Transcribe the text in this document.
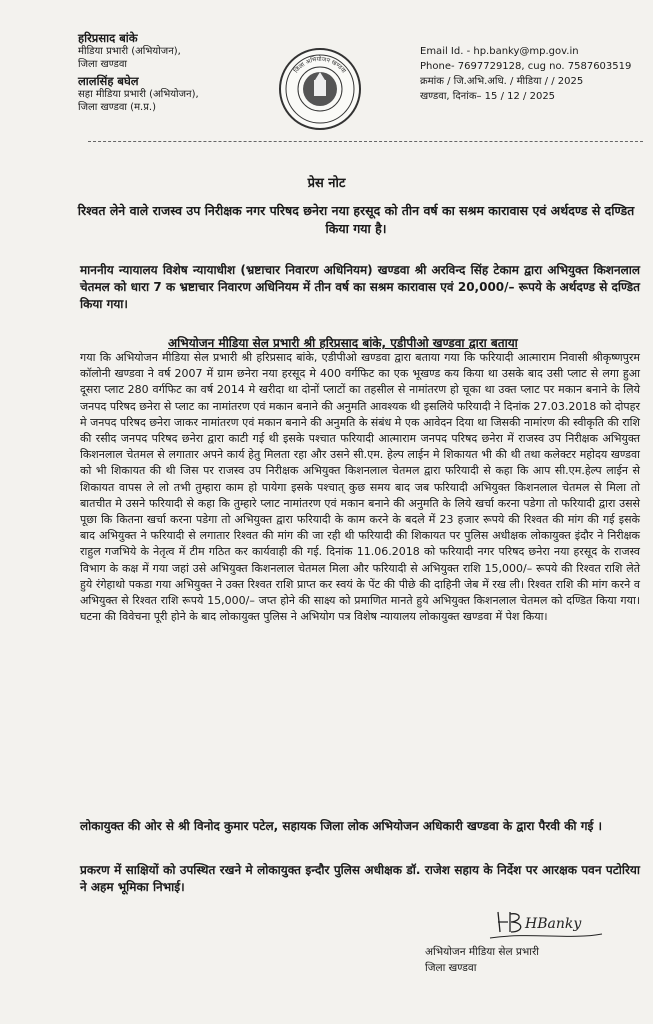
हरिप्रसाद बांके
मीडिया प्रभारी (अभियोजन),
जिला खण्डवा
लालसिंह बघेल
सहा मीडिया प्रभारी (अभियोजन),
जिला खण्डवा (म.प्र.)
जिला अभियोजन खण्डवा
Email Id. - hp.banky@mp.gov.in
Phone- 7697729128, cug no. 7587603519
क्रमांक / जि.अभि.अधि. / मीडिया / / 2025
खण्डवा, दिनांक– 15 / 12 / 2025
प्रेस नोट
रिश्वत लेने वाले राजस्व उप निरीक्षक नगर परिषद छनेरा नया हरसूद को तीन वर्ष का सश्रम कारावास एवं अर्थदण्ड से दण्डित किया गया है।
माननीय न्यायालय विशेष न्यायाधीश (भ्रष्टाचार निवारण अधिनियम) खण्डवा श्री अरविन्द सिंह टेकाम द्वारा अभियुक्त किशनलाल चेतमल को धारा 7 क भ्रष्टाचार निवारण अधिनियम में तीन वर्ष का सश्रम कारावास एवं 20,000/– रूपये के अर्थदण्ड से दण्डित किया गया।
अभियोजन मीडिया सेल प्रभारी श्री हरिप्रसाद बांके, एडीपीओ खण्डवा द्वारा बताया
गया कि अभियोजन मीडिया सेल प्रभारी श्री हरिप्रसाद बांके, एडीपीओ खण्डवा द्वारा बताया गया कि फरियादी आत्माराम निवासी श्रीकृष्णपुरम कॉलोनी खण्डवा ने वर्ष 2007 में ग्राम छनेरा नया हरसूद मे 400 वर्गफिट का एक भूखण्ड कय किया था उसके बाद उसी प्लाट से लगा हुआ दूसरा प्लाट 280 वर्गफिट का वर्ष 2014 मे खरीदा था दोनों प्लाटों का तहसील से नामांतरण हो चूका था उक्त प्लाट पर मकान बनाने के लिये जनपद परिषद छनेरा से प्लाट का नामांतरण एवं मकान बनाने की अनुमति आवश्यक थी इसलिये फरियादी ने दिनांक 27.03.2018 को दोपहर मे जनपद परिषद छनेरा जाकर नामांतरण एवं मकान बनाने की अनुमति के संबंध मे एक आवेदन दिया था जिसकी नामांरण की स्वीकृति की राशि की रसीद जनपद परिषद छनेरा द्वारा काटी गई थी इसके पश्चात फरियादी आत्माराम जनपद परिषद छनेरा में राजस्व उप निरीक्षक अभियुक्त किशनलाल चेतमल से लगातार अपने कार्य हेतु मिलता रहा और उसने सी.एम. हेल्प लाईन मे शिकायत भी की थी तथा कलेक्टर महोदय खण्डवा को भी शिकायत की थी जिस पर राजस्व उप निरीक्षक अभियुक्त किशनलाल चेतमल द्वारा फरियादी से कहा कि आप सी.एम.हेल्प लाईन से शिकायत वापस ले लो तभी तुम्हारा काम हो पायेगा इसके पश्चात् कुछ समय बाद जब फरियादी अभियुक्त किशनलाल चेतमल से मिला तो बातचीत मे उसने फरियादी से कहा कि तुम्हारे प्लाट नामांतरण एवं मकान बनाने की अनुमति के लिये खर्चा करना पडेगा तो फरियादी द्वारा उससे पूछा कि कितना खर्चा करना पडेगा तो अभियुक्त द्वारा फरियादी के काम करने के बदले में 23 हजार रूपये की रिश्वत की मांग की गई इसके बाद अभियुक्त ने फरियादी से लगातार रिश्वत की मांग की जा रही थी फरियादी की शिकायत पर पुलिस अधीक्षक लोकायुक्त इंदौर ने निरीक्षक राहुल गजभिये के नेतृत्व में टीम गठित कर कार्यवाही की गई. दिनांक 11.06.2018 को फरियादी नगर परिषद छनेरा नया हरसूद के राजस्व विभाग के कक्ष में गया जहां उसे अभियुक्त किशनलाल चेतमल मिला और फरियादी से अभियुक्त राशि 15,000/– रूपये की रिश्वत राशि लेते हुये रंगेहाथो पकडा गया अभियुक्त ने उक्त रिश्वत राशि प्राप्त कर स्वयं के पेंट की पीछे की दाहिनी जेब में रख ली। रिश्वत राशि की मांग करने व अभियुक्त से रिश्वत राशि रूपये 15,000/– जप्त होने की साक्ष्य को प्रमाणित मानते हुये अभियुक्त किशनलाल चेतमल को दण्डित किया गया। घटना की विवेचना पूरी होने के बाद लोकायुक्त पुलिस ने अभियोग पत्र विशेष न्यायालय लोकायुक्त खण्डवा में पेश किया।
लोकायुक्त की ओर से श्री विनोद कुमार पटेल, सहायक जिला लोक अभियोजन अधिकारी खण्डवा के द्वारा पैरवी की गई ।
प्रकरण में साक्षियों को उपस्थित रखने मे लोकायुक्त इन्दौर पुलिस अधीक्षक डॉ. राजेश सहाय के निर्देश पर आरक्षक पवन पटोरिया ने अहम भूमिका निभाई।
HBanky
अभियोजन मीडिया सेल प्रभारी
जिला खण्डवा
